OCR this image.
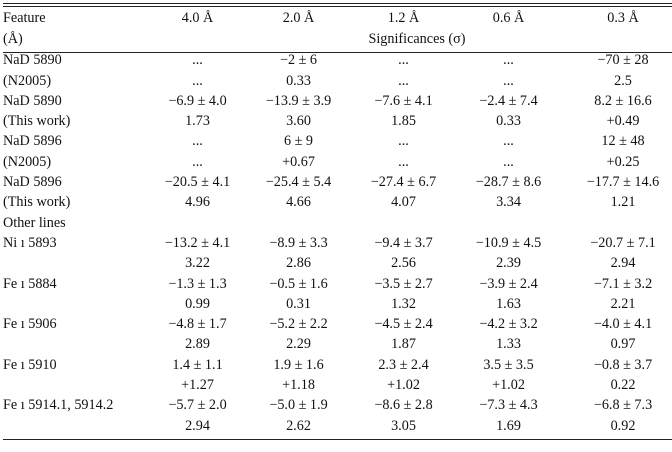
Feature	4.0 Å	2.0 Å	1.2 Å	0.6 Å	0.3 Å
(Å)	Significances (σ)				
NaD 5890	...	−2 ± 6	...	...	−70 ± 28
(N2005)	...	0.33	...	...	2.5
NaD 5890	−6.9 ± 4.0	−13.9 ± 3.9	−7.6 ± 4.1	−2.4 ± 7.4	8.2 ± 16.6
(This work)	1.73	3.60	1.85	0.33	+0.49
NaD 5896	...	6 ± 9	...	...	12 ± 48
(N2005)	...	+0.67	...	...	+0.25
NaD 5896	−20.5 ± 4.1	−25.4 ± 5.4	−27.4 ± 6.7	−28.7 ± 8.6	−17.7 ± 14.6
(This work)	4.96	4.66	4.07	3.34	1.21
Other lines					
Ni ı 5893	−13.2 ± 4.1	−8.9 ± 3.3	−9.4 ± 3.7	−10.9 ± 4.5	−20.7 ± 7.1
	3.22	2.86	2.56	2.39	2.94
Fe ı 5884	−1.3 ± 1.3	−0.5 ± 1.6	−3.5 ± 2.7	−3.9 ± 2.4	−7.1 ± 3.2
	0.99	0.31	1.32	1.63	2.21
Fe ı 5906	−4.8 ± 1.7	−5.2 ± 2.2	−4.5 ± 2.4	−4.2 ± 3.2	−4.0 ± 4.1
	2.89	2.29	1.87	1.33	0.97
Fe ı 5910	1.4 ± 1.1	1.9 ± 1.6	2.3 ± 2.4	3.5 ± 3.5	−0.8 ± 3.7
	+1.27	+1.18	+1.02	+1.02	0.22
Fe ı 5914.1, 5914.2	−5.7 ± 2.0	−5.0 ± 1.9	−8.6 ± 2.8	−7.3 ± 4.3	−6.8 ± 7.3
	2.94	2.62	3.05	1.69	0.92
